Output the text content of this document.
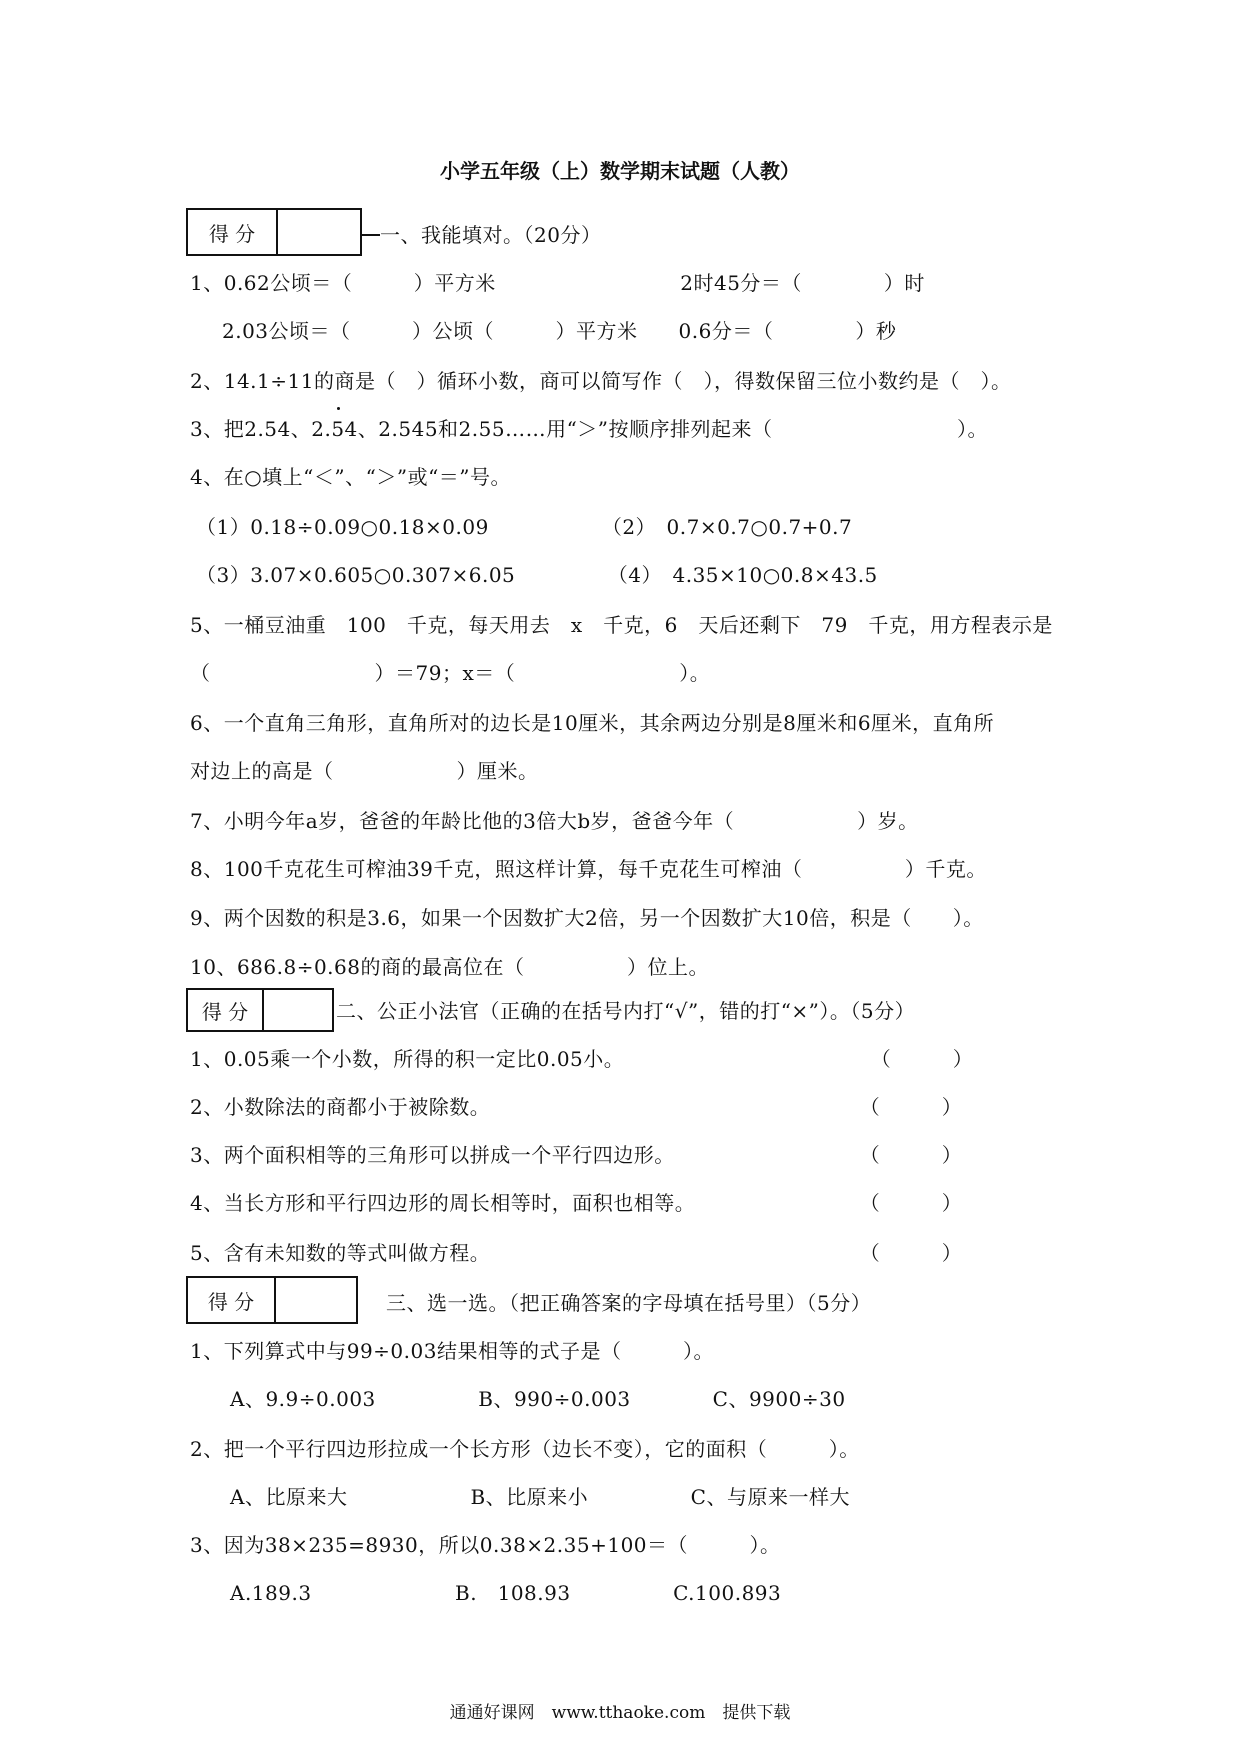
小学五年级（上）数学期末试题（人教）
得 分	一、我能填对。（20分）
1、0.62公顷＝（　　　）平方米　　　　　　　　　2时45分＝（　　　　）时
2.03公顷＝（　　　）公顷（　　　）平方米　　0.6分＝（　　　　）秒
2、14.1÷11的商是（　）循环小数，商可以简写作（　），得数保留三位小数约是（　）。
3、把2.54、2.54、2.545和2.55……用“＞”按顺序排列起来（　　　　　　　　　）。
4、在○填上“＜”、“＞”或“＝”号。
（1）0.18÷0.09○0.18×0.09　　　　　　（2）　0.7×0.7○0.7+0.7
（3）3.07×0.605○0.307×6.05　　　　　（4）　4.35×10○0.8×43.5
5、一桶豆油重　100　千克，每天用去　x　千克，6　天后还剩下　79　千克，用方程表示是
（　　　　　　　　）＝79；x＝（　　　　　　　　）。
6、一个直角三角形，直角所对的边长是10厘米，其余两边分别是8厘米和6厘米，直角所
对边上的高是（　　　　　　）厘米。
7、小明今年a岁，爸爸的年龄比他的3倍大b岁，爸爸今年（　　　　　　）岁。
8、100千克花生可榨油39千克，照这样计算，每千克花生可榨油（　　　　　）千克。
9、两个因数的积是3.6，如果一个因数扩大2倍，另一个因数扩大10倍，积是（　　）。
10、686.8÷0.68的商的最高位在（　　　　　）位上。
得 分	二、公正小法官（正确的在括号内打“√”，错的打“×”）。（5分）
1、0.05乘一个小数，所得的积一定比0.05小。　　　　　　　　　　　　　（　　　）
2、小数除法的商都小于被除数。　　　　　　　　　　　　　　　　　　　（　　　）
3、两个面积相等的三角形可以拼成一个平行四边形。　　　　　　　　　　（　　　）
4、当长方形和平行四边形的周长相等时，面积也相等。　　　　　　　　　（　　　）
5、含有未知数的等式叫做方程。　　　　　　　　　　　　　　　　　　　（　　　）
得 分	三、选一选。（把正确答案的字母填在括号里）（5分）
1、下列算式中与99÷0.03结果相等的式子是（　　　）。
A、9.9÷0.003　　　　　B、990÷0.003　　　　C、9900÷30
2、把一个平行四边形拉成一个长方形（边长不变），它的面积（　　　）。
A、比原来大　　　　　　B、比原来小　　　　　C、与原来一样大
3、因为38×235=8930，所以0.38×2.35+100＝（　　　）。
A.189.3　　　　　　　B.　108.93　　　　　C.100.893
通通好课网　www.tthaoke.com　提供下载
